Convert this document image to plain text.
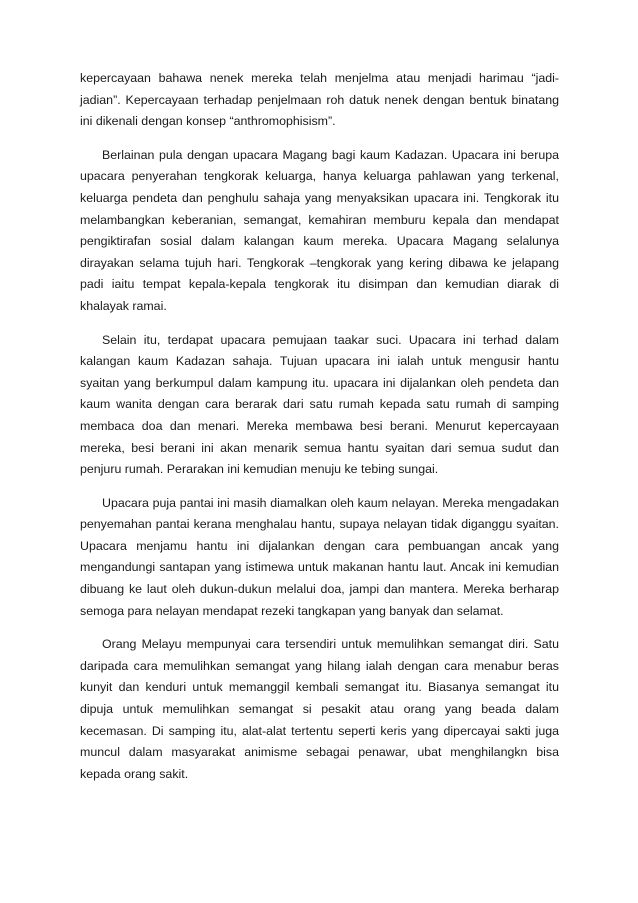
kepercayaan bahawa nenek mereka telah menjelma atau menjadi harimau “jadi-jadian”. Kepercayaan terhadap penjelmaan roh datuk nenek dengan bentuk binatang ini dikenali dengan konsep “anthromophisism”.

Berlainan pula dengan upacara Magang bagi kaum Kadazan. Upacara ini berupa upacara penyerahan tengkorak keluarga, hanya keluarga pahlawan yang terkenal, keluarga pendeta dan penghulu sahaja yang menyaksikan upacara ini. Tengkorak itu melambangkan keberanian, semangat, kemahiran memburu kepala dan mendapat pengiktirafan sosial dalam kalangan kaum mereka. Upacara Magang selalunya dirayakan selama tujuh hari. Tengkorak –tengkorak yang kering dibawa ke jelapang padi iaitu tempat kepala-kepala tengkorak itu disimpan dan kemudian diarak di khalayak ramai.

Selain itu, terdapat upacara pemujaan taakar suci. Upacara ini terhad dalam kalangan kaum Kadazan sahaja. Tujuan upacara ini ialah untuk mengusir hantu syaitan yang berkumpul dalam kampung itu. upacara ini dijalankan oleh pendeta dan kaum wanita dengan cara berarak dari satu rumah kepada satu rumah di samping membaca doa dan menari. Mereka membawa besi berani. Menurut kepercayaan mereka, besi berani ini akan menarik semua hantu syaitan dari semua sudut dan penjuru rumah. Perarakan ini kemudian menuju ke tebing sungai.

Upacara puja pantai ini masih diamalkan oleh kaum nelayan. Mereka mengadakan penyemahan pantai kerana menghalau hantu, supaya nelayan tidak diganggu syaitan. Upacara menjamu hantu ini dijalankan dengan cara pembuangan ancak yang mengandungi santapan yang istimewa untuk makanan hantu laut. Ancak ini kemudian dibuang ke laut oleh dukun-dukun melalui doa, jampi dan mantera. Mereka berharap semoga para nelayan mendapat rezeki tangkapan yang banyak dan selamat.

Orang Melayu mempunyai cara tersendiri untuk memulihkan semangat diri. Satu daripada cara memulihkan semangat yang hilang ialah dengan cara menabur beras kunyit dan kenduri untuk memanggil kembali semangat itu. Biasanya semangat itu dipuja untuk memulihkan semangat si pesakit atau orang yang beada dalam kecemasan. Di samping itu, alat-alat tertentu seperti keris yang dipercayai sakti juga muncul dalam masyarakat animisme sebagai penawar, ubat menghilangkn bisa kepada orang sakit.
